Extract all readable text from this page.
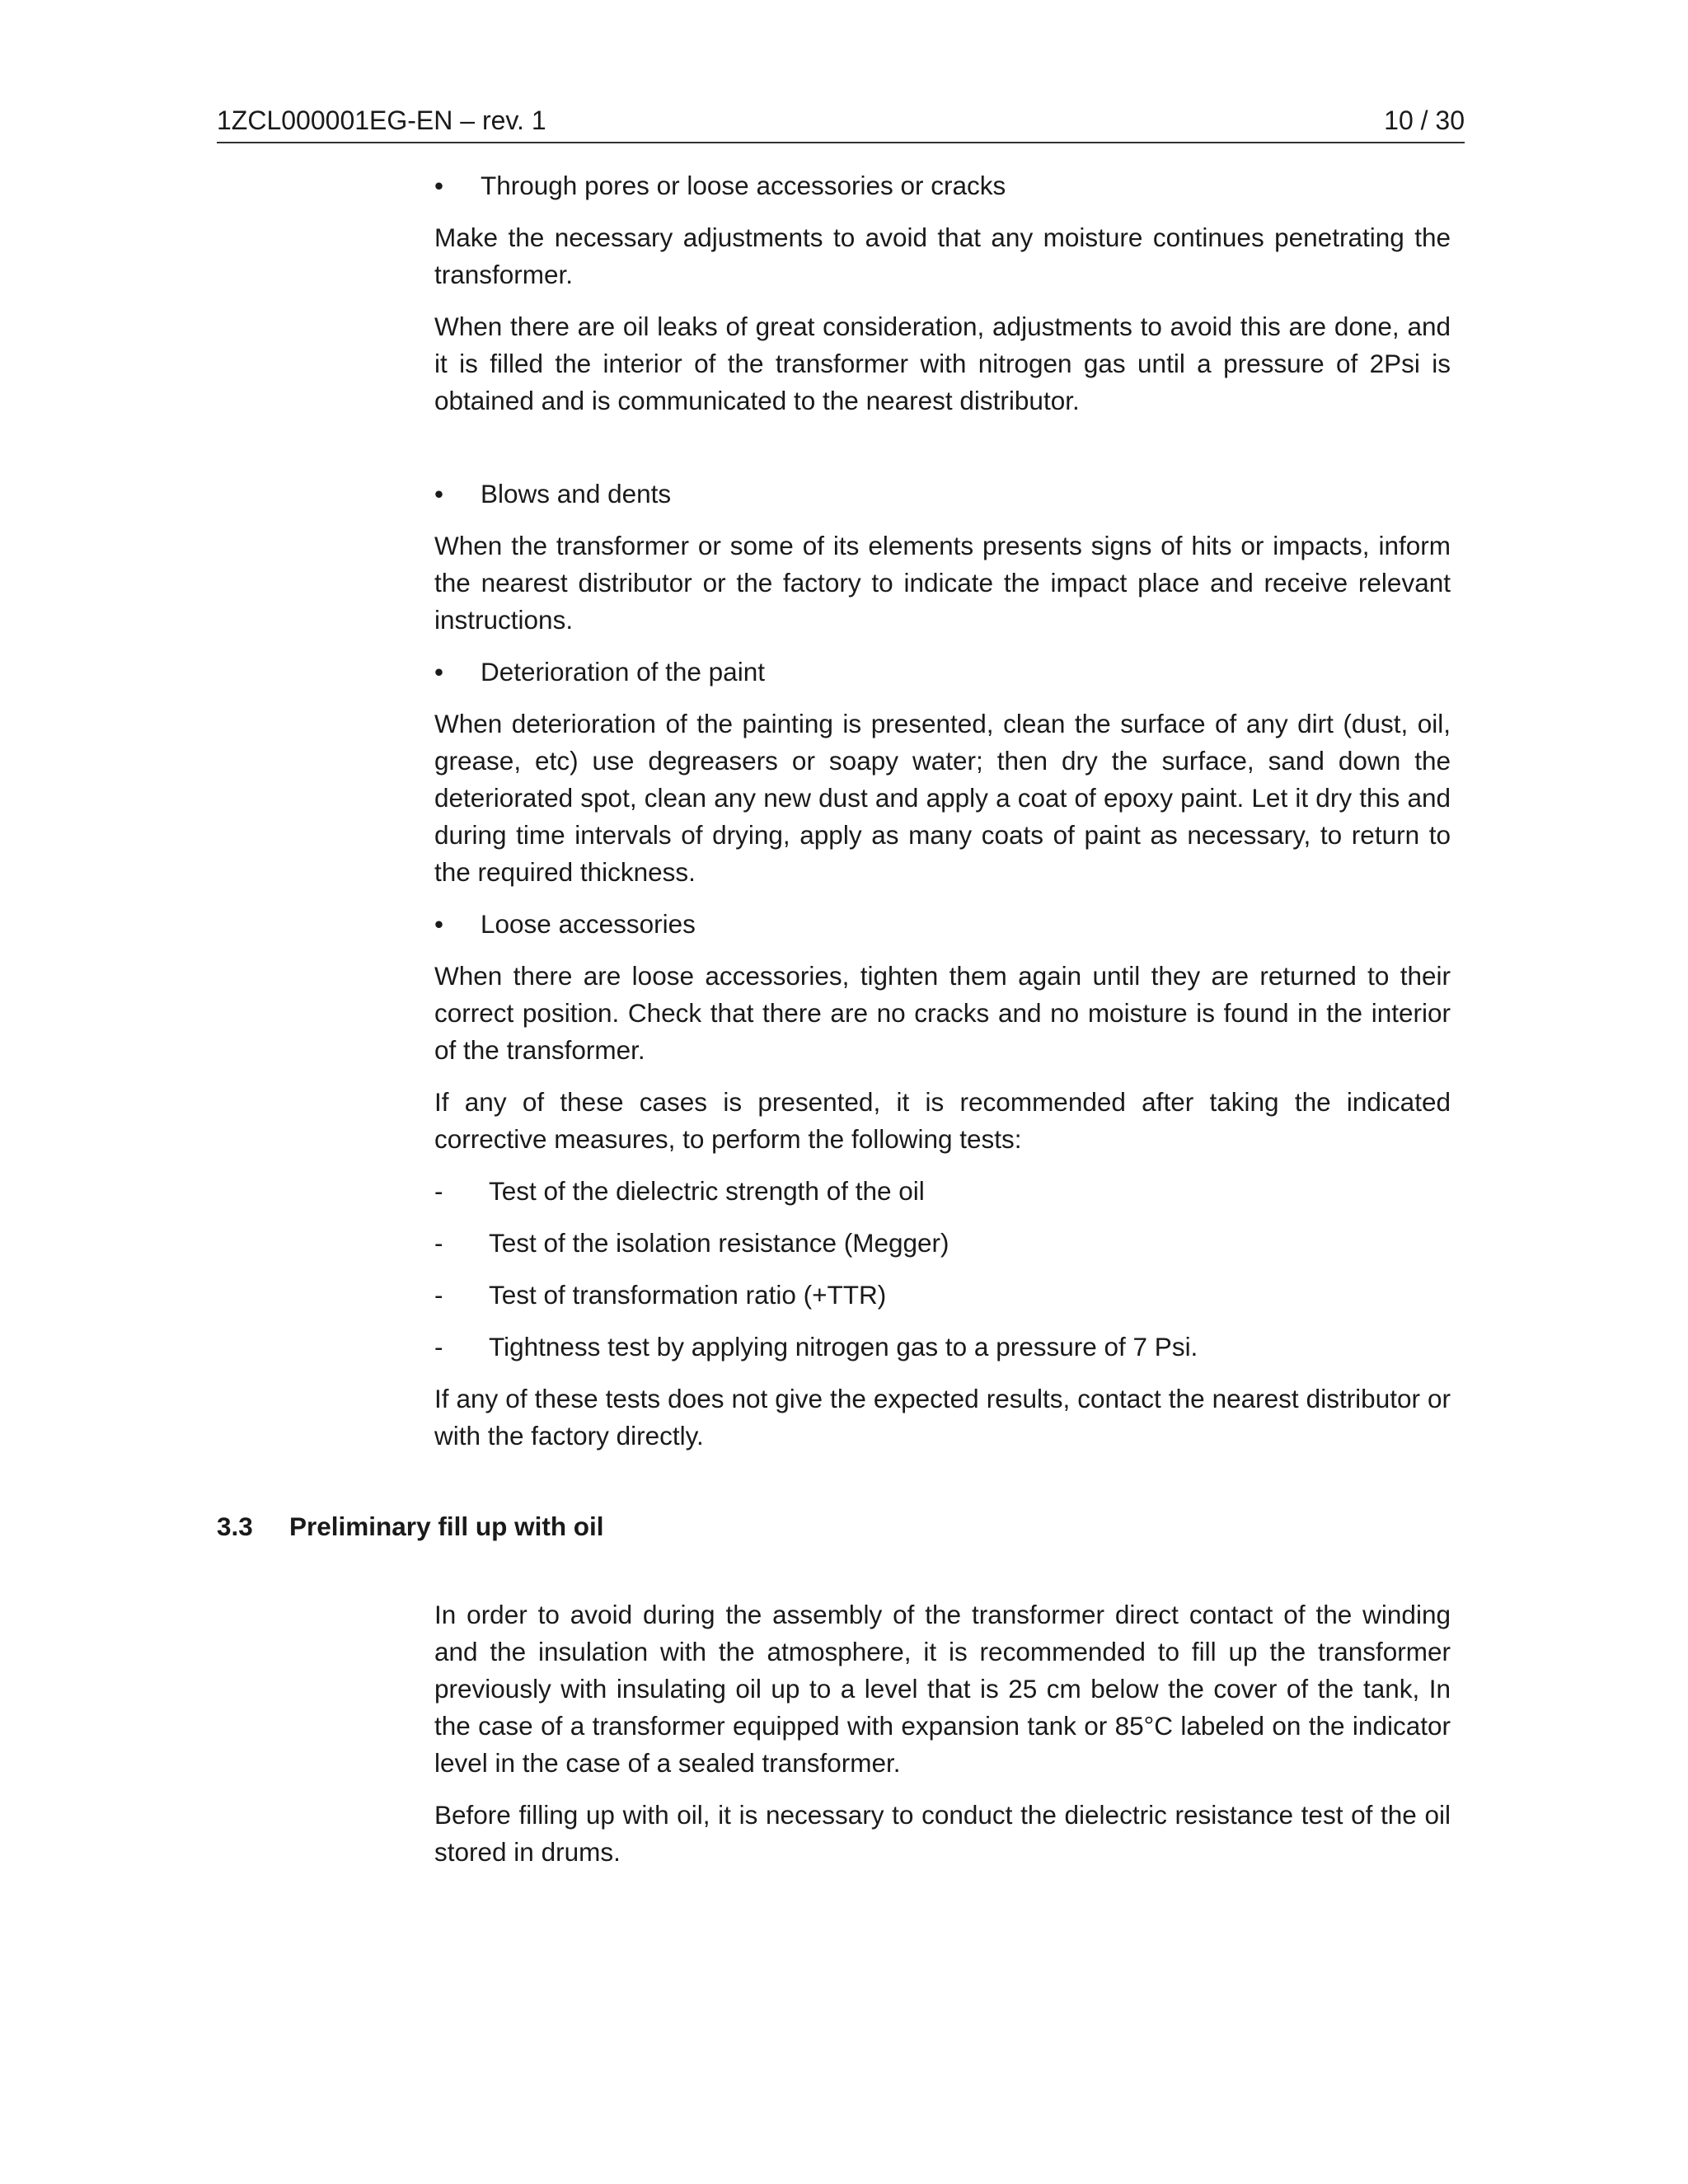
1ZCL000001EG-EN – rev. 1	10 / 30
•	Through pores or loose accessories or cracks

Make the necessary adjustments to avoid that any moisture continues penetrating the transformer.

When there are oil leaks of great consideration, adjustments to avoid this are done, and it is filled the interior of the transformer with nitrogen gas until a pressure of 2Psi is obtained and is communicated to the nearest distributor.

•	Blows and dents

When the transformer or some of its elements presents signs of hits or impacts, inform the nearest distributor or the factory to indicate the impact place and receive relevant instructions.

•	Deterioration of the paint

When deterioration of the painting is presented, clean the surface of any dirt (dust, oil, grease, etc) use degreasers or soapy water; then dry the surface, sand down the deteriorated spot, clean any new dust and apply a coat of epoxy paint. Let it dry this and during time intervals of drying, apply as many coats of paint as necessary, to return to the required thickness.

•	Loose accessories

When there are loose accessories, tighten them again until they are returned to their correct position. Check that there are no cracks and no moisture is found in the interior of the transformer.

If any of these cases is presented, it is recommended after taking the indicated corrective measures, to perform the following tests:

-	Test of the dielectric strength of the oil
-	Test of the isolation resistance (Megger)
-	Test of transformation ratio (+TTR)
-	Tightness test by applying nitrogen gas to a pressure of 7 Psi.

If any of these tests does not give the expected results, contact the nearest distributor or with the factory directly.

3.3	Preliminary fill up with oil

In order to avoid during the assembly of the transformer direct contact of the winding and the insulation with the atmosphere, it is recommended to fill up the transformer previously with insulating oil up to a level that is 25 cm below the cover of the tank, In the case of a transformer equipped with expansion tank or 85°C labeled on the indicator level in the case of a sealed transformer.

Before filling up with oil, it is necessary to conduct the dielectric resistance test of the oil stored in drums.
